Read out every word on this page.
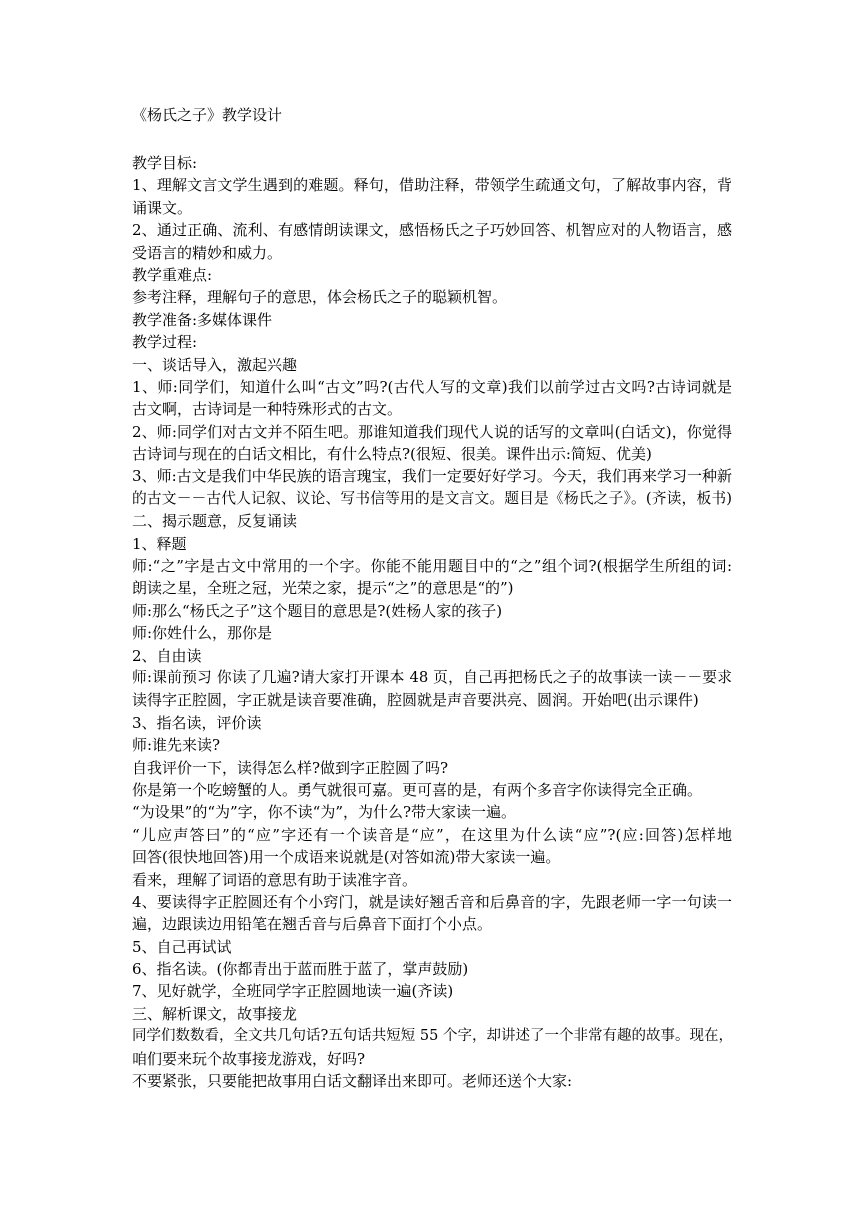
《杨氏之子》教学设计
教学目标:
1、理解文言文学生遇到的难题。释句，借助注释，带领学生疏通文句，了解故事内容，背
诵课文。
2、通过正确、流利、有感情朗读课文，感悟杨氏之子巧妙回答、机智应对的人物语言，感
受语言的精妙和威力。
教学重难点:
参考注释，理解句子的意思，体会杨氏之子的聪颖机智。
教学准备:多媒体课件
教学过程:
一、谈话导入，激起兴趣
1、师:同学们，知道什么叫“古文”吗?(古代人写的文章)我们以前学过古文吗?古诗词就是
古文啊，古诗词是一种特殊形式的古文。
2、师:同学们对古文并不陌生吧。那谁知道我们现代人说的话写的文章叫(白话文)，你觉得
古诗词与现在的白话文相比，有什么特点?(很短、很美。课件出示:简短、优美)
3、师:古文是我们中华民族的语言瑰宝，我们一定要好好学习。今天，我们再来学习一种新
的古文－－古代人记叙、议论、写书信等用的是文言文。题目是《杨氏之子》。(齐读，板书)
二、揭示题意，反复诵读
1、释题
师:“之”字是古文中常用的一个字。你能不能用题目中的“之”组个词?(根据学生所组的词:
朗读之星，全班之冠，光荣之家，提示“之”的意思是“的”)
师:那么“杨氏之子”这个题目的意思是?(姓杨人家的孩子)
师:你姓什么，那你是
2、自由读
师:课前预习 你读了几遍?请大家打开课本 48 页，自己再把杨氏之子的故事读一读－－要求
读得字正腔圆，字正就是读音要准确，腔圆就是声音要洪亮、圆润。开始吧(出示课件)
3、指名读，评价读
师:谁先来读?
自我评价一下，读得怎么样?做到字正腔圆了吗?
你是第一个吃螃蟹的人。勇气就很可嘉。更可喜的是，有两个多音字你读得完全正确。
“为设果”的“为”字，你不读“为”，为什么?带大家读一遍。
“儿应声答曰”的“应”字还有一个读音是“应”，在这里为什么读“应”?(应:回答)怎样地
回答(很快地回答)用一个成语来说就是(对答如流)带大家读一遍。
看来，理解了词语的意思有助于读准字音。
4、要读得字正腔圆还有个小窍门，就是读好翘舌音和后鼻音的字，先跟老师一字一句读一
遍，边跟读边用铅笔在翘舌音与后鼻音下面打个小点。
5、自己再试试
6、指名读。(你都青出于蓝而胜于蓝了，掌声鼓励)
7、见好就学，全班同学字正腔圆地读一遍(齐读)
三、解析课文，故事接龙
同学们数数看，全文共几句话?五句话共短短 55 个字，却讲述了一个非常有趣的故事。现在，
咱们要来玩个故事接龙游戏，好吗?
不要紧张，只要能把故事用白话文翻译出来即可。老师还送个大家:
